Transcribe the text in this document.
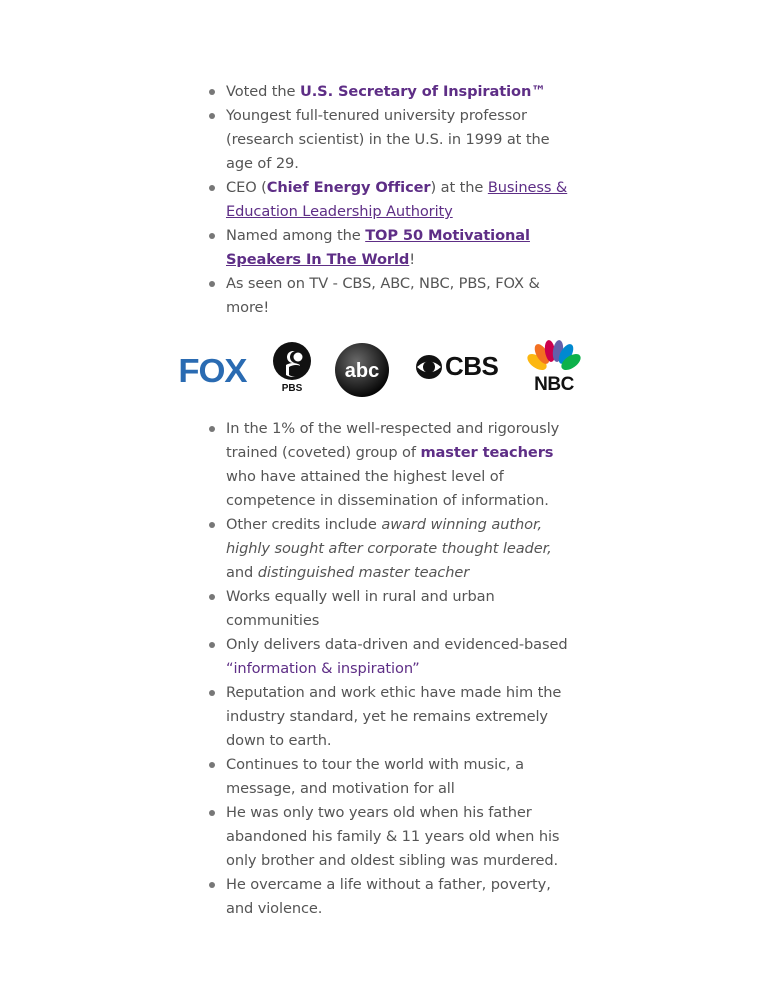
Voted the U.S. Secretary of Inspiration™
Youngest full-tenured university professor (research scientist) in the U.S. in 1999 at the age of 29.
CEO (Chief Energy Officer) at the Business & Education Leadership Authority
Named among the TOP 50 Motivational Speakers In The World!
As seen on TV - CBS, ABC, NBC, PBS, FOX & more!
FOX	PBS
abc	CBS
NBC
In the 1% of the well-respected and rigorously trained (coveted) group of master teachers who have attained the highest level of competence in dissemination of information.
Other credits include award winning author, highly sought after corporate thought leader, and distinguished master teacher
Works equally well in rural and urban communities
Only delivers data-driven and evidenced-based “information & inspiration”
Reputation and work ethic have made him the industry standard, yet he remains extremely down to earth.
Continues to tour the world with music, a message, and motivation for all
He was only two years old when his father abandoned his family & 11 years old when his only brother and oldest sibling was murdered.
He overcame a life without a father, poverty, and violence.
